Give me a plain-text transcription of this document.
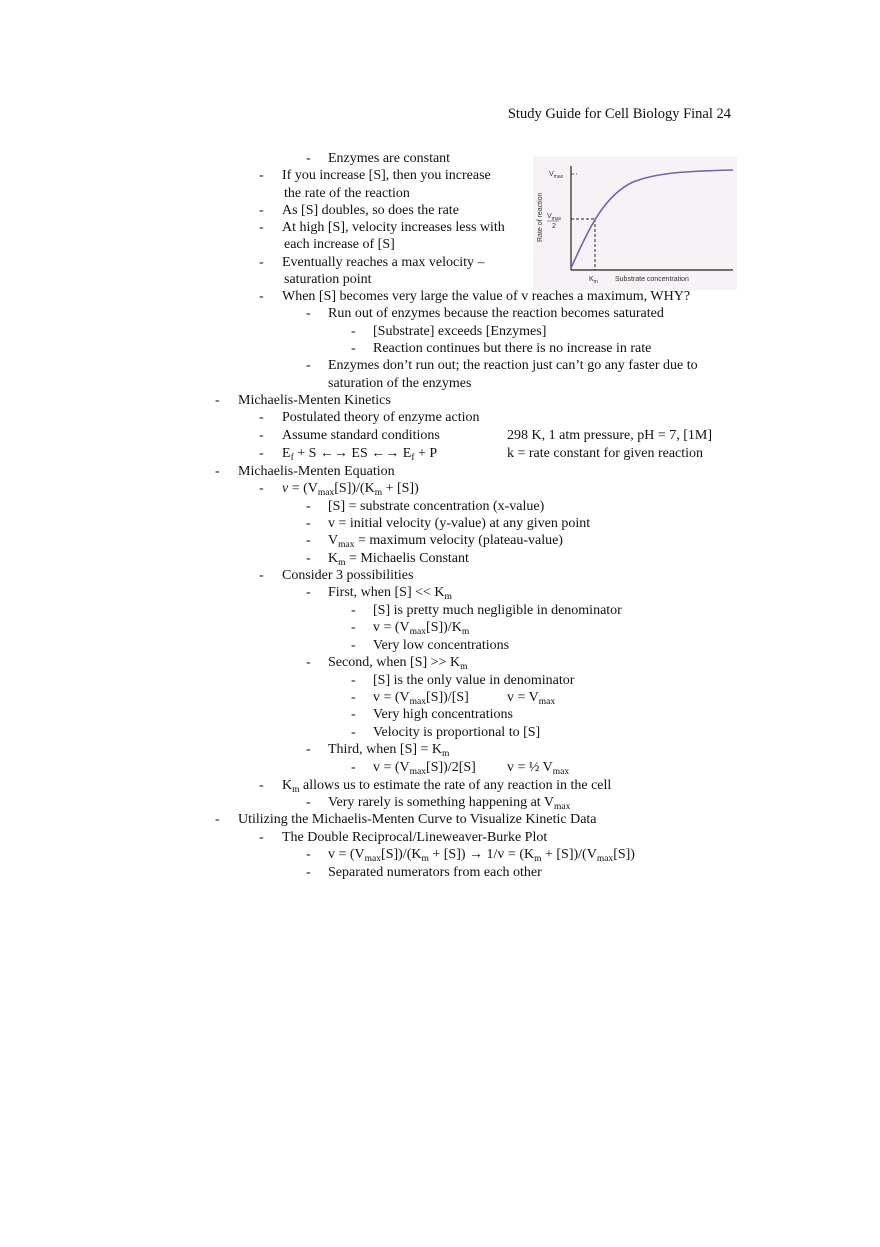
Study Guide for Cell Biology Final 24
$V_{max}$
$V_{max}$
2
Rate of reaction
$K_m$ Substrate concentration
- Enzymes are constant
- If you increase [S], then you increase
the rate of the reaction
- As [S] doubles, so does the rate
- At high [S], velocity increases less with
each increase of [S]
- Eventually reaches a max velocity –
saturation point
- When [S] becomes very large the value of v reaches a maximum, WHY?
- Run out of enzymes because the reaction becomes saturated
- [Substrate] exceeds [Enzymes]
- Reaction continues but there is no increase in rate
- Enzymes don’t run out; the reaction just can’t go any faster due to
saturation of the enzymes
- Michaelis-Menten Kinetics
- Postulated theory of enzyme action
- Assume standard conditions	298 K, 1 atm pressure, pH = 7, [1M]
- $E_f + S$ ←→ ES ←→ $E_f + P$	k = rate constant for given reaction
- Michaelis-Menten Equation
- $v = (V_{max}[S])/(K_m + [S])$
- [S] = substrate concentration (x-value)
- v = initial velocity (y-value) at any given point
- $V_{max}$ = maximum velocity (plateau-value)
- $K_m$ = Michaelis Constant
- Consider 3 possibilities
- First, when $[S] << K_m$
- [S] is pretty much negligible in denominator
- $v = (V_{max}[S])/K_m$
- Very low concentrations
- Second, when $[S] >> K_m$
- [S] is the only value in denominator
- $v = (V_{max}[S])/[S]$	$v = V_{max}$
- Very high concentrations
- Velocity is proportional to [S]
- Third, when $[S] = K_m$
- $v = (V_{max}[S])/2[S] v$ = ½ $V_{max}$
- $K_m$ allows us to estimate the rate of any reaction in the cell
- Very rarely is something happening at $V_{max}$
- Utilizing the Michaelis-Menten Curve to Visualize Kinetic Data
- The Double Reciprocal/Lineweaver-Burke Plot
- $v = (V_{max}[S])/(K_m + [S]) \to 1/v = (K_m + [S])/(V_{max}[S])$
- Separated numerators from each other
